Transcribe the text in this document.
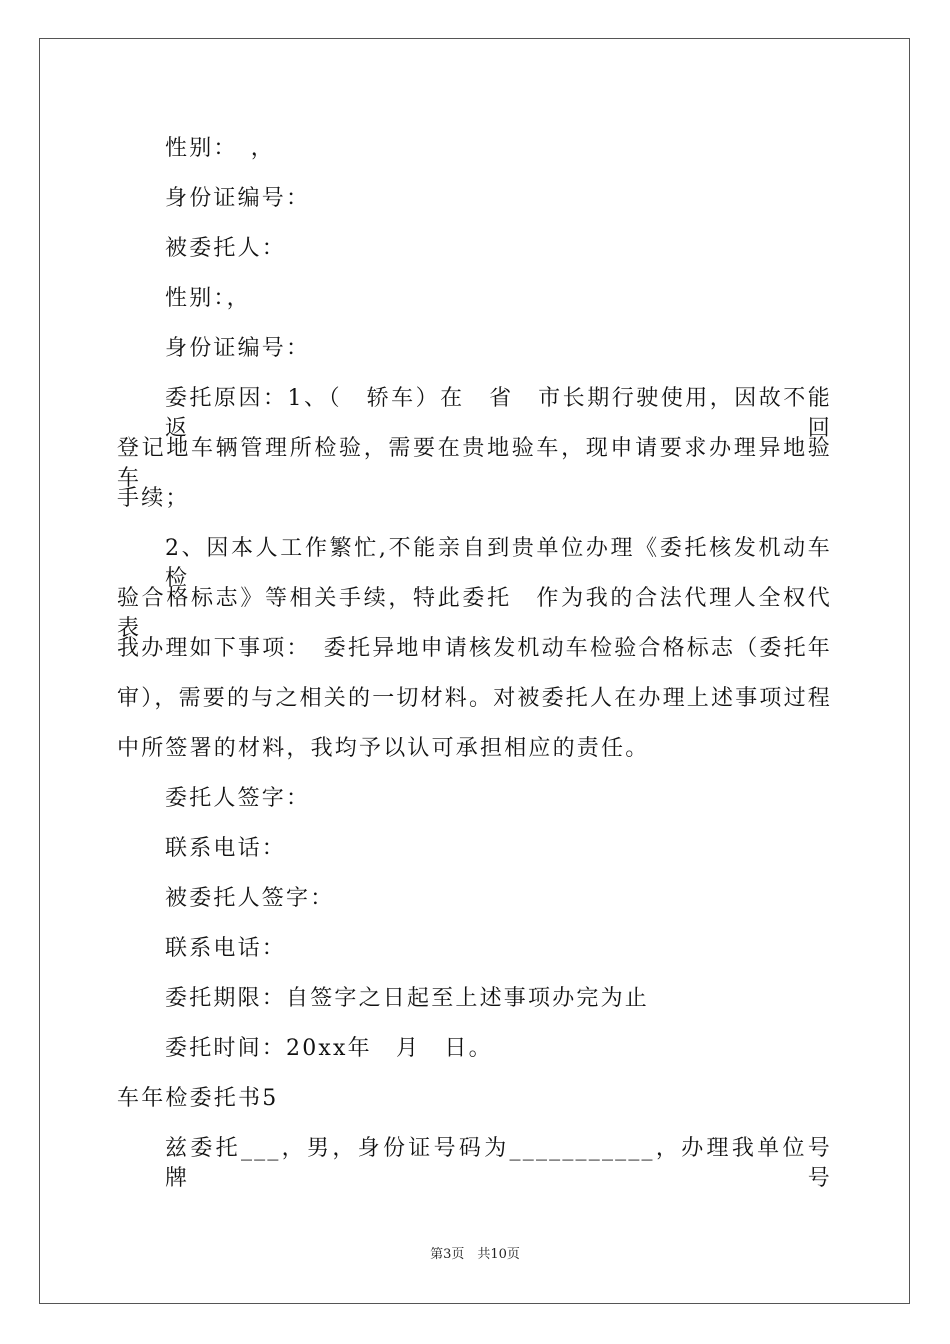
性别：　，
身份证编号：
被委托人：
性别：，
身份证编号：
委托原因：1、（　轿车）在　省　市长期行驶使用，因故不能返回
登记地车辆管理所检验，需要在贵地验车，现申请要求办理异地验车
手续；
2、因本人工作繁忙,不能亲自到贵单位办理《委托核发机动车检
验合格标志》等相关手续，特此委托　作为我的合法代理人全权代表
我办理如下事项：　委托异地申请核发机动车检验合格标志（委托年
审），需要的与之相关的一切材料。对被委托人在办理上述事项过程
中所签署的材料，我均予以认可承担相应的责任。
委托人签字：
联系电话：
被委托人签字：
联系电话：
委托期限：自签字之日起至上述事项办完为止
委托时间：20xx年　月　日。
车年检委托书5
兹委托___，男，身份证号码为___________，办理我单位号牌号
第3页　共10页
